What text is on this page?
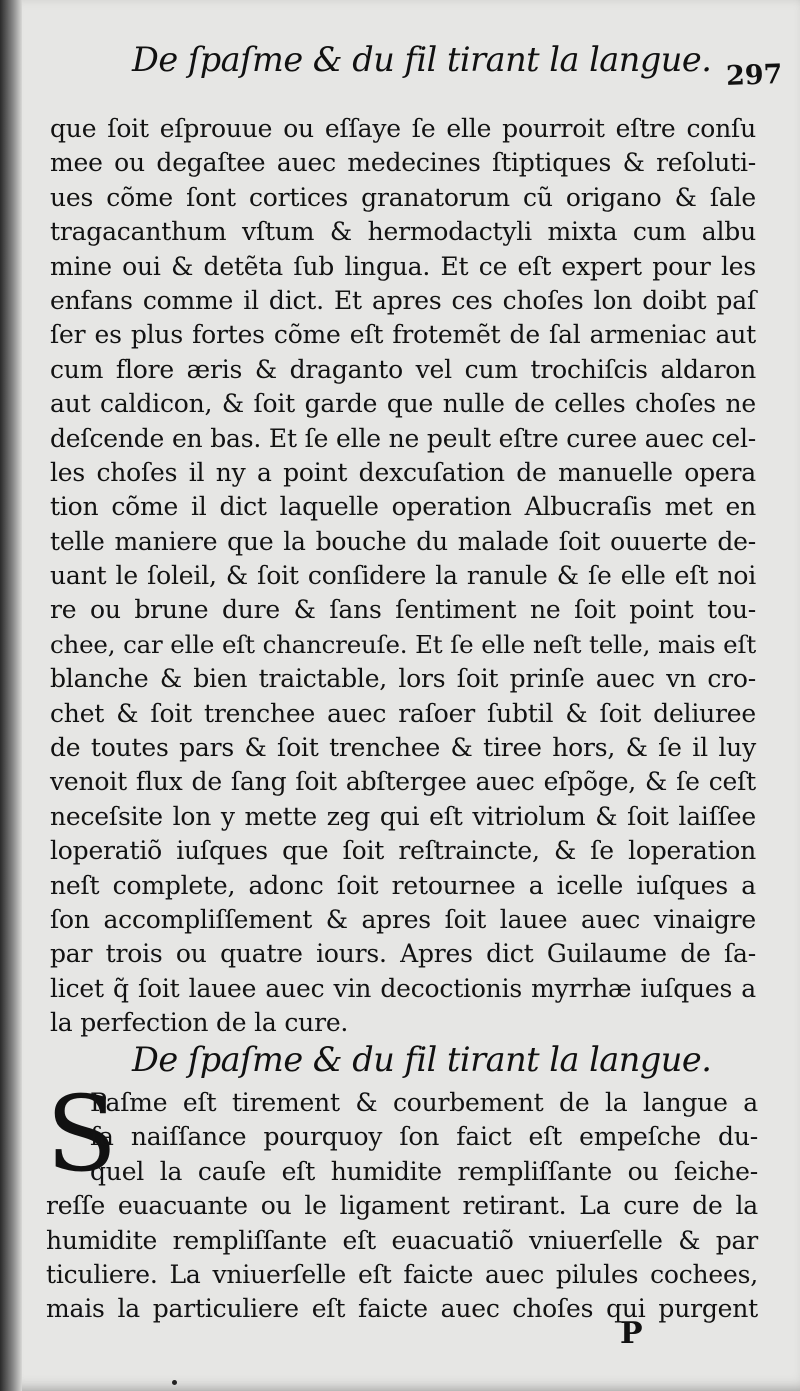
De ſpaſme & du fil tirant la langue. 297
que ſoit eſprouue ou eſſaye ſe elle pourroit eſtre conſu
mee ou degaſtee auec medecines ſtiptiques & reſoluti-
ues cõme ſont cortices granatorum cũ origano & ſale
tragacanthum vſtum & hermodactyli mixta cum albu
mine oui & detẽta ſub lingua. Et ce eſt expert pour les
enfans comme il dict. Et apres ces choſes lon doibt paſ
ſer es plus fortes cõme eſt frotemẽt de ſal armeniac aut
cum flore æris & draganto vel cum trochiſcis aldaron
aut caldicon, & ſoit garde que nulle de celles choſes ne
deſcende en bas. Et ſe elle ne peult eſtre curee auec cel-
les choſes il ny a point dexcuſation de manuelle opera
tion cõme il dict laquelle operation Albucraſis met en
telle maniere que la bouche du malade ſoit ouuerte de-
uant le ſoleil, & ſoit conſidere la ranule & ſe elle eſt noi
re ou brune dure & ſans ſentiment ne ſoit point tou-
chee, car elle eſt chancreuſe. Et ſe elle neſt telle, mais eſt
blanche & bien traictable, lors ſoit prinſe auec vn cro-
chet & ſoit trenchee auec raſoer ſubtil & ſoit deliuree
de toutes pars & ſoit trenchee & tiree hors, & ſe il luy
venoit flux de ſang ſoit abſtergee auec eſpõge, & ſe ceſt
neceſsite lon y mette zeg qui eſt vitriolum & ſoit laiſſee
loperatiõ iuſques que ſoit reſtraincte, & ſe loperation
neſt complete, adonc ſoit retournee a icelle iuſques a
ſon accompliſſement & apres ſoit lauee auec vinaigre
par trois ou quatre iours. Apres dict Guilaume de ſa-
licet q̃ ſoit lauee auec vin decoctionis myrrhæ iuſques a
la perfection de la cure.
De ſpaſme & du fil tirant la langue.
S
Paſme eſt tirement & courbement de la langue a
ſa naiſſance pourquoy ſon faict eſt empeſche du-
quel la cauſe eſt humidite rempliſſante ou ſeiche-
reſſe euacuante ou le ligament retirant. La cure de la
humidite rempliſſante eſt euacuatiõ vniuerſelle & par
ticuliere. La vniuerſelle eſt faicte auec pilules cochees,
mais la particuliere eſt faicte auec choſes qui purgent
P
